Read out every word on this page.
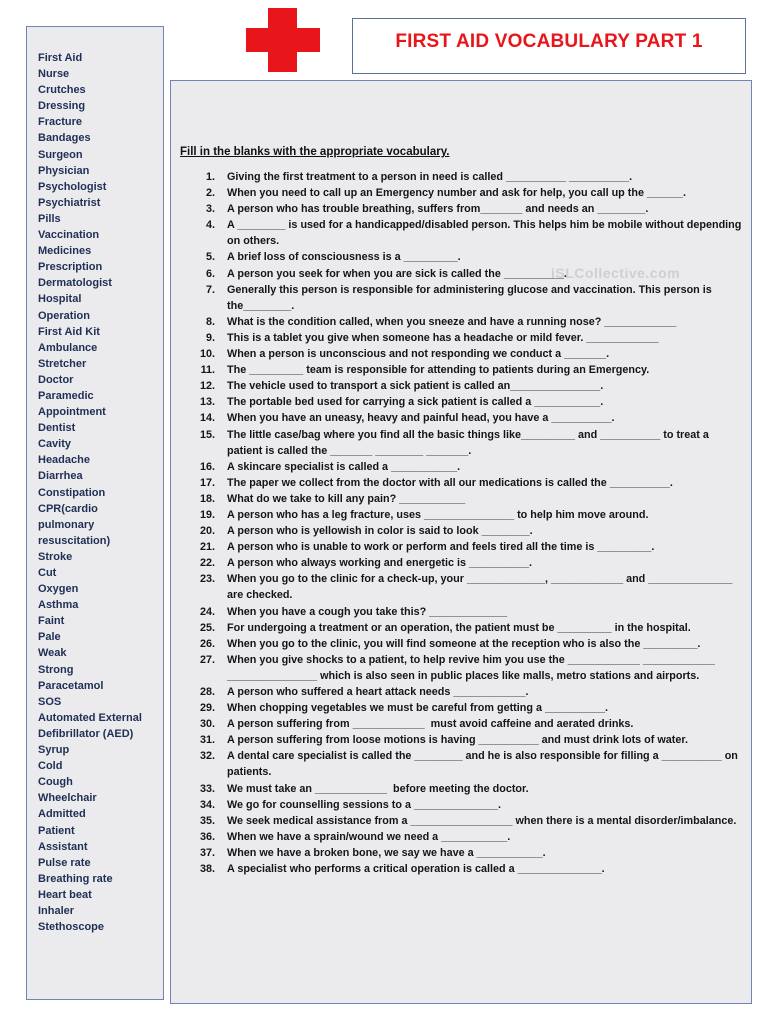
First Aid
Nurse
Crutches
Dressing
Fracture
Bandages
Surgeon
Physician
Psychologist
Psychiatrist
Pills
Vaccination
Medicines
Prescription
Dermatologist
Hospital
Operation
First Aid Kit
Ambulance
Stretcher
Doctor
Paramedic
Appointment
Dentist
Cavity
Headache
Diarrhea
Constipation
CPR(cardio
pulmonary
resuscitation)
Stroke
Cut
Oxygen
Asthma
Faint
Pale
Weak
Strong
Paracetamol
SOS
Automated External
Defibrillator (AED)
Syrup
Cold
Cough
Wheelchair
Admitted
Patient
Assistant
Pulse rate
Breathing rate
Heart beat
Inhaler
Stethoscope
FIRST AID VOCABULARY PART 1

Fill in the blanks with the appropriate vocabulary.

1. Giving the first treatment to a person in need is called __________ __________.
2. When you need to call up an Emergency number and ask for help, you call up the ______.
3. A person who has trouble breathing, suffers from_______ and needs an ________.
4. A ________ is used for a handicapped/disabled person. This helps him be mobile without depending on others.
5. A brief loss of consciousness is a _________.
6. A person you seek for when you are sick is called the __________.
7. Generally this person is responsible for administering glucose and vaccination. This person is the________.
8. What is the condition called, when you sneeze and have a running nose? ____________
9. This is a tablet you give when someone has a headache or mild fever. ____________
10. When a person is unconscious and not responding we conduct a _______.
11. The _________ team is responsible for attending to patients during an Emergency.
12. The vehicle used to transport a sick patient is called an_______________.
13. The portable bed used for carrying a sick patient is called a ___________.
14. When you have an uneasy, heavy and painful head, you have a __________.
15. The little case/bag where you find all the basic things like_________ and __________ to treat a patient is called the _______ ________ _______.
16. A skincare specialist is called a ___________.
17. The paper we collect from the doctor with all our medications is called the __________.
18. What do we take to kill any pain? ___________
19. A person who has a leg fracture, uses _______________ to help him move around.
20. A person who is yellowish in color is said to look ________.
21. A person who is unable to work or perform and feels tired all the time is _________.
22. A person who always working and energetic is __________.
23. When you go to the clinic for a check-up, your _____________, ____________ and ______________ are checked.
24. When you have a cough you take this? _____________
25. For undergoing a treatment or an operation, the patient must be _________ in the hospital.
26. When you go to the clinic, you will find someone at the reception who is also the _________.
27. When you give shocks to a patient, to help revive him you use the ____________ ____________ _______________ which is also seen in public places like malls, metro stations and airports.
28. A person who suffered a heart attack needs ____________.
29. When chopping vegetables we must be careful from getting a __________.
30. A person suffering from ____________  must avoid caffeine and aerated drinks.
31. A person suffering from loose motions is having __________ and must drink lots of water.
32. A dental care specialist is called the ________ and he is also responsible for filling a __________ on patients.
33. We must take an ____________  before meeting the doctor.
34. We go for counselling sessions to a ______________.
35. We seek medical assistance from a _________________ when there is a mental disorder/imbalance.
36. When we have a sprain/wound we need a ___________.
37. When we have a broken bone, we say we have a ___________.
38. A specialist who performs a critical operation is called a ______________.
iSLCollective.com
